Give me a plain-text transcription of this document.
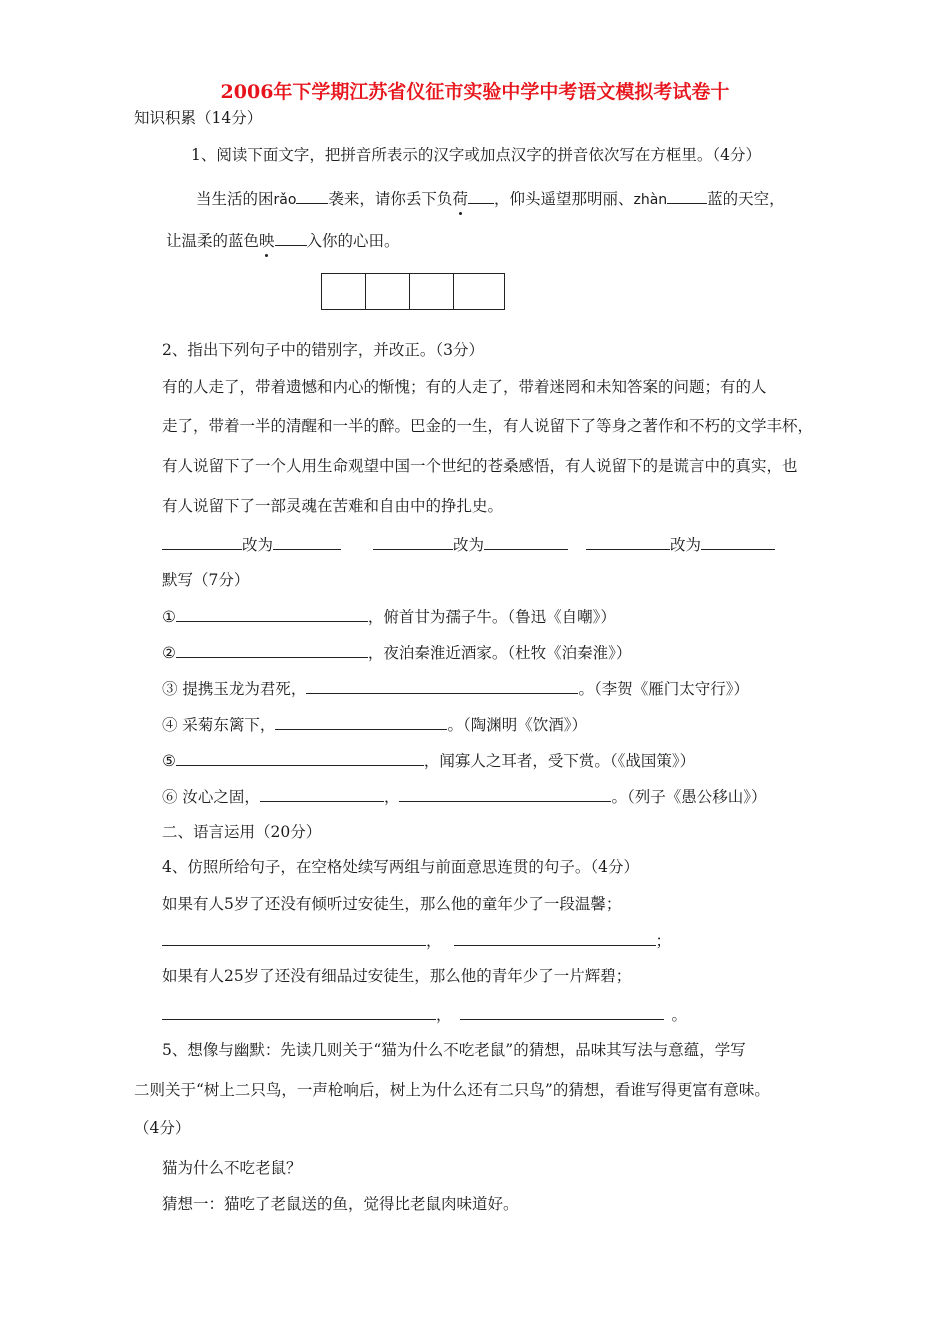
2006年下学期江苏省仪征市实验中学中考语文模拟考试卷十
知识积累（14分）
1、阅读下面文字，把拼音所表示的汉字或加点汉字的拼音依次写在方框里。（4分）
当生活的困rǎo 袭来，请你丢下负荷 ，仰头遥望那明丽、zhàn	蓝的天空，
让温柔的蓝色映 入你的心田。
2、指出下列句子中的错别字，并改正。（3分）
有的人走了，带着遗憾和内心的惭愧；有的人走了，带着迷罔和未知答案的问题；有的人
走了，带着一半的清醒和一半的醉。巴金的一生，有人说留下了等身之著作和不朽的文学丰杯，
有人说留下了一个人用生命观望中国一个世纪的苍桑感悟，有人说留下的是谎言中的真实，也
有人说留下了一部灵魂在苦难和自由中的挣扎史。
改为	改为	改为
默写（7分）
①	，俯首甘为孺子牛。（鲁迅《自嘲》）
②	，夜泊秦淮近酒家。（杜牧《泊秦淮》）
③ 提携玉龙为君死，	。（李贺《雁门太守行》）
④ 采菊东篱下，	。（陶渊明《饮酒》）
⑤	，闻寡人之耳者，受下赏。（《战国策》）
⑥ 汝心之固，	，	。（列子《愚公移山》）
二、语言运用（20分）
4、仿照所给句子，在空格处续写两组与前面意思连贯的句子。（4分）
如果有人5岁了还没有倾听过安徒生，那么他的童年少了一段温馨；
，	；
如果有人25岁了还没有细品过安徒生，那么他的青年少了一片辉碧；
，	。
5、想像与幽默：先读几则关于“猫为什么不吃老鼠”的猜想，品味其写法与意蕴，学写
二则关于“树上二只鸟，一声枪响后，树上为什么还有二只鸟”的猜想，看谁写得更富有意味。
（4分）
猫为什么不吃老鼠？
猜想一：猫吃了老鼠送的鱼，觉得比老鼠肉味道好。
